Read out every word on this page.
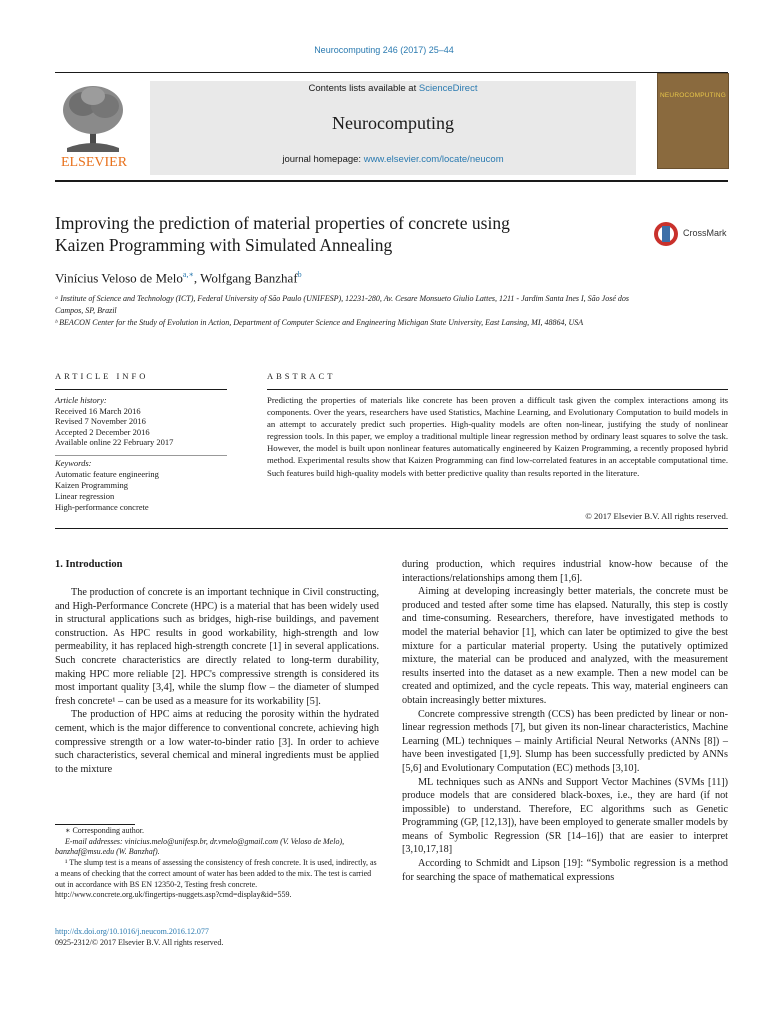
Neurocomputing 246 (2017) 25–44
ELSEVIER
Contents lists available at ScienceDirect
Neurocomputing
journal homepage: www.elsevier.com/locate/neucom
NEUROCOMPUTING
Improving the prediction of material properties of concrete using
Kaizen Programming with Simulated Annealing
CrossMark
Vinícius Veloso de Melo$^{a,∗}$, Wolfgang Banzhaf$^b$
ᵃ Institute of Science and Technology (ICT), Federal University of São Paulo (UNIFESP), 12231-280, Av. Cesare Monsueto Giulio Lattes, 1211 - Jardim Santa Ines I, São José dos Campos, SP, Brazil
ᵇ BEACON Center for the Study of Evolution in Action, Department of Computer Science and Engineering Michigan State University, East Lansing, MI, 48864, USA
ARTICLE INFO	ABSTRACT
Article history:
Received 16 March 2016
Revised 7 November 2016
Accepted 2 December 2016
Available online 22 February 2017
Keywords:
Automatic feature engineering
Kaizen Programming
Linear regression
High-performance concrete
Predicting the properties of materials like concrete has been proven a difficult task given the complex interactions among its components. Over the years, researchers have used Statistics, Machine Learning, and Evolutionary Computation to build models in an attempt to accurately predict such properties. High-quality models are often non-linear, justifying the study of nonlinear regression tools. In this paper, we employ a traditional multiple linear regression method by ordinary least squares to solve the task. However, the model is built upon nonlinear features automatically engineered by Kaizen Programming, a recently proposed hybrid method. Experimental results show that Kaizen Programming can find low-correlated features in an acceptable computational time. Such features build high-quality models with better predictive quality than results reported in the literature.
© 2017 Elsevier B.V. All rights reserved.
1. Introduction

The production of concrete is an important technique in Civil constructing, and High-Performance Concrete (HPC) is a material that has been widely used in structural applications such as bridges, high-rise buildings, and pavement construction. As HPC results in good workability, high-strength and low permeability, it has replaced high-strength concrete [1] in several applications. Such concrete characteristics are directly related to long-term durability, making HPC more reliable [2]. HPC's compressive strength is considered its most important quality [3,4], while the slump flow – the diameter of slumped fresh concrete¹ – can be used as a measure for its workability [5].

The production of HPC aims at reducing the porosity within the hydrated cement, which is the major difference to conventional concrete, achieving high compressive strength or a low water-to-binder ratio [3]. In order to achieve such characteristics, several chemical and mineral ingredients must be applied to the mixture

during production, which requires industrial know-how because of the interactions/relationships among them [1,6].

Aiming at developing increasingly better materials, the concrete must be produced and tested after some time has elapsed. Naturally, this step is costly and time-consuming. Researchers, therefore, have investigated methods to model the material behavior [1], which can later be optimized to give the best mixture for a particular material property. Using the putatively optimized mixture, the material can be produced and analyzed, with the measurement results inserted into the dataset as a new example. Then a new model can be created and optimized, and the cycle repeats. This way, material engineers can obtain increasingly better mixtures.

Concrete compressive strength (CCS) has been predicted by linear or non-linear regression methods [7], but given its non-linear characteristics, Machine Learning (ML) techniques – mainly Artificial Neural Networks (ANNs [8]) – have been investigated [1,9]. Slump has been successfully predicted by ANNs [5,6] and Evolutionary Computation (EC) methods [3,10].

ML techniques such as ANNs and Support Vector Machines (SVMs [11]) produce models that are considered black-boxes, i.e., they are hard (if not impossible) to understand. Therefore, EC algorithms such as Genetic Programming (GP, [12,13]), have been employed to generate smaller models by means of Symbolic Regression (SR [14–16]) that are easier to interpret [3,10,17,18]

According to Schmidt and Lipson [19]: “Symbolic regression is a method for searching the space of mathematical expressions

∗ Corresponding author.

E-mail addresses: vinicius.melo@unifesp.br, dr.vmelo@gmail.com (V. Veloso de Melo), banzhaf@msu.edu (W. Banzhaf).

¹ The slump test is a means of assessing the consistency of fresh concrete. It is used, indirectly, as a means of checking that the correct amount of water has been added to the mix. The test is carried out in accordance with BS EN 12350-2, Testing fresh concrete. http://www.concrete.org.uk/fingertips-nuggets.asp?cmd=display&id=559.

http://dx.doi.org/10.1016/j.neucom.2016.12.077
0925-2312/© 2017 Elsevier B.V. All rights reserved.
